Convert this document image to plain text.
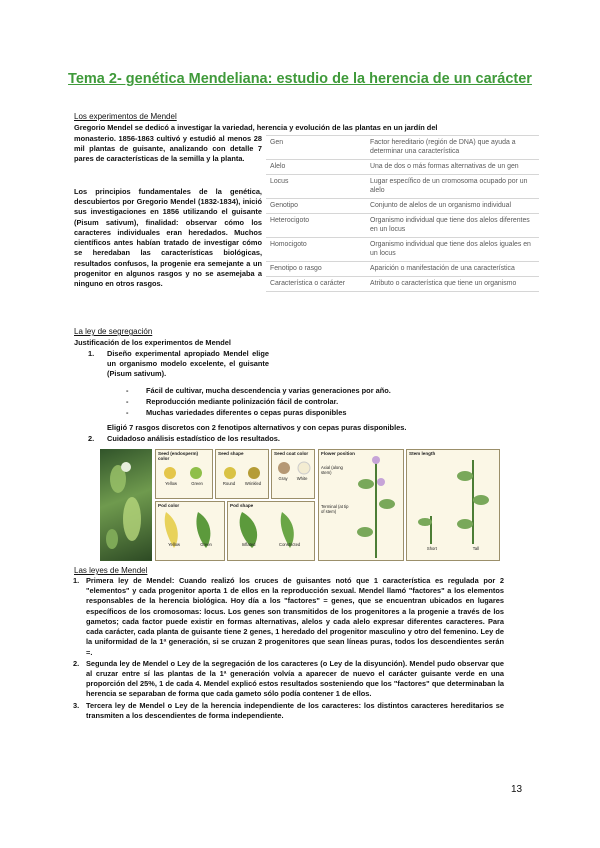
Tema 2- genética Mendeliana: estudio de la herencia de un carácter
Los experimentos de Mendel
Gregorio Mendel se dedicó a investigar la variedad, herencia y evolución de las plantas en un jardín del
monasterio. 1856-1863 cultivó y estudió al menos 28 mil plantas de guisante, analizando con detalle 7 pares de características de la semilla y la planta.
Los principios fundamentales de la genética, descubiertos por Gregorio Mendel (1832-1834), inició sus investigaciones en 1856 utilizando el guisante (Pisum sativum), finalidad: observar cómo los caracteres individuales eran heredados. Muchos científicos antes habían tratado de investigar cómo se heredaban las características biológicas, resultados confusos, la progenie era semejante a un progenitor en algunos rasgos y no se asemejaba a ninguno en otros rasgos.
Gen	Factor hereditario (región de DNA) que ayuda a determinar una característica
Alelo	Una de dos o más formas alternativas de un gen
Locus	Lugar específico de un cromosoma ocupado por un alelo
Genotipo	Conjunto de alelos de un organismo individual
Heterocigoto	Organismo individual que tiene dos alelos diferentes en un locus
Homocigoto	Organismo individual que tiene dos alelos iguales en un locus
Fenotipo o rasgo	Aparición o manifestación de una característica
Característica o carácter	Atributo o característica que tiene un organismo
La ley de segregación
Justificación de los experimentos de Mendel
1. Diseño experimental apropiado Mendel elige un organismo modelo excelente, el guisante (Pisum sativum).
- Fácil de cultivar, mucha descendencia y varias generaciones por año.
- Reproducción mediante polinización fácil de controlar.
- Muchas variedades diferentes o cepas puras disponibles
Eligió 7 rasgos discretos con 2 fenotipos alternativos y con cepas puras disponibles.
2. Cuidadoso análisis estadístico de los resultados.
Seed (endosperm) color
Yellow	Green
Seed shape
Round Wrinkled
Seed coat color
Gray White
Pod color
Yellow	Green
Pod shape
Inflated	Constricted
Flower position
Axial (along stem)
Terminal (at tip of stem)
Stem length
Short	Tall
Las leyes de Mendel
1. Primera ley de Mendel: Cuando realizó los cruces de guisantes notó que 1 característica es regulada por 2 "elementos" y cada progenitor aporta 1 de ellos en la reproducción sexual. Mendel llamó "factores" a los elementos responsables de la herencia biológica. Hoy día a los "factores" = genes, que se encuentran ubicados en lugares específicos de los cromosomas: locus. Los genes son transmitidos de los progenitores a la progenie a través de los gametos; cada factor puede existir en formas alternativas, alelos y cada alelo expresar diferentes caracteres. Para cada carácter, cada planta de guisante tiene 2 genes, 1 heredado del progenitor masculino y otro del femenino. Ley de la uniformidad de la 1ª generación, si se cruzan 2 progenitores que sean líneas puras, todos los descendientes serán =.
2. Segunda ley de Mendel o Ley de la segregación de los caracteres (o Ley de la disyunción). Mendel pudo observar que al cruzar entre sí las plantas de la 1ª generación volvía a aparecer de nuevo el carácter guisante verde en una proporción del 25%, 1 de cada 4. Mendel explicó estos resultados sosteniendo que los "factores" que determinaban la herencia se separaban de forma que cada gameto sólo podía contener 1 de ellos.
3. Tercera ley de Mendel o Ley de la herencia independiente de los caracteres: los distintos caracteres hereditarios se transmiten a los descendientes de forma independiente.
13
